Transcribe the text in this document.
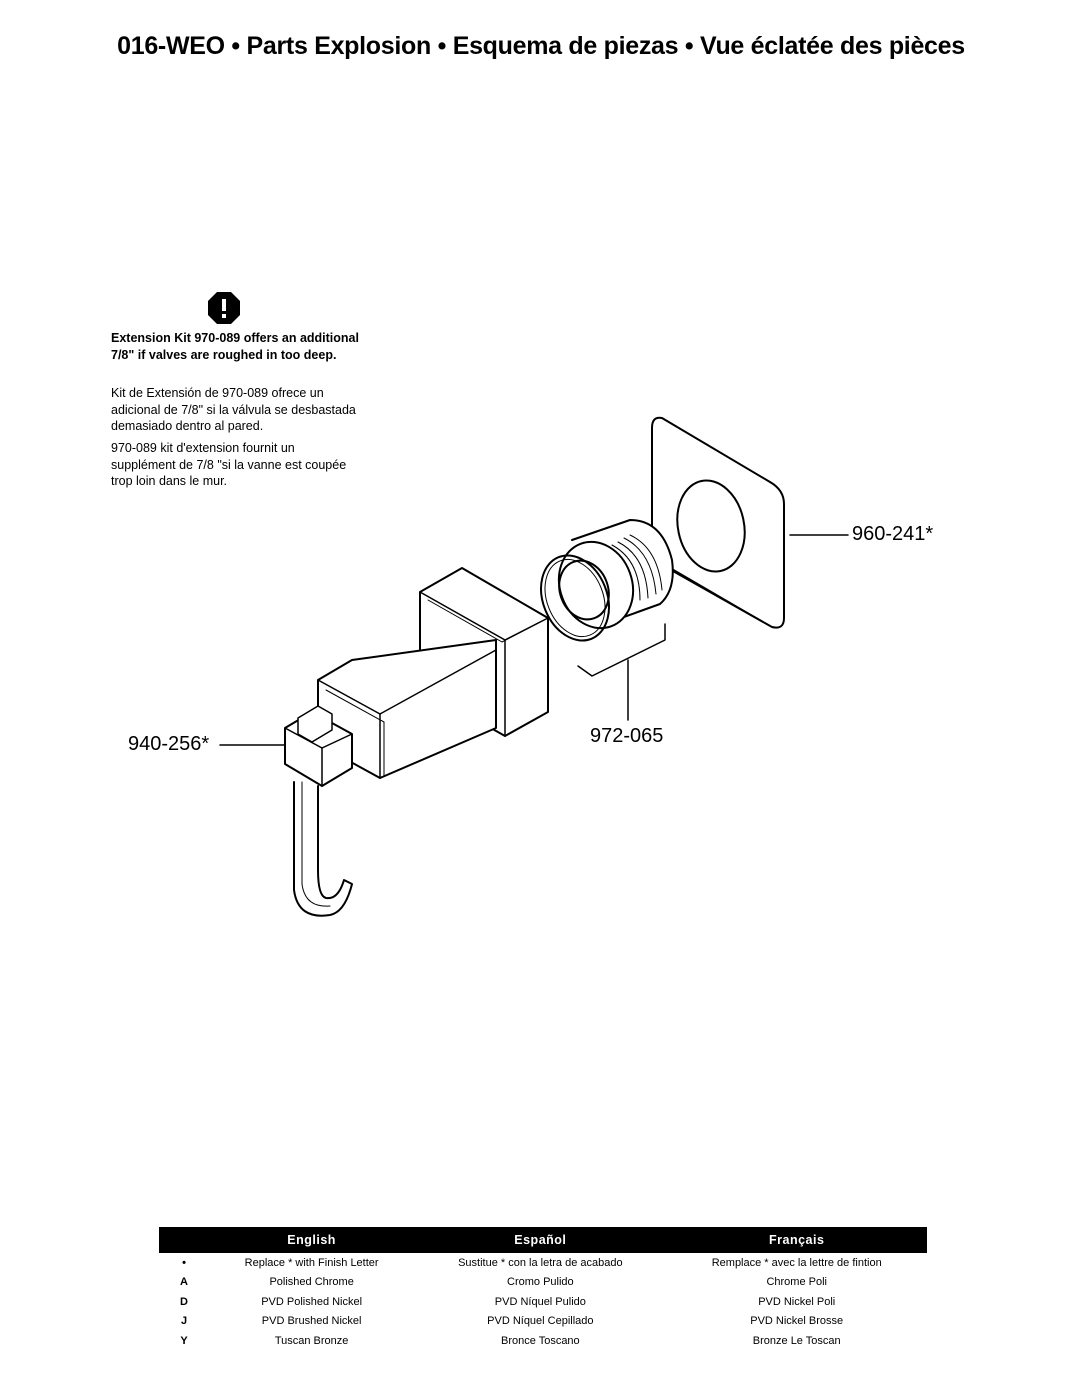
016-WEO • Parts Explosion • Esquema de piezas • Vue éclatée des pièces
Extension Kit 970-089 offers an additional 7/8" if valves are roughed in too deep.
Kit de Extensión de 970-089 ofrece un adicional de 7/8" si la válvula se desbastada demasiado dentro al pared.
970-089 kit d'extension fournit un supplément de 7/8 "si la vanne est coupée trop loin dans le mur.
960-241*
972-065
940-256*
	English	Español	Français
•	Replace * with Finish Letter	Sustitue * con la letra de acabado	Remplace * avec la lettre de fintion
A	Polished Chrome	Cromo Pulido	Chrome Poli
D	PVD Polished Nickel	PVD Níquel Pulido	PVD Nickel Poli
J	PVD Brushed Nickel	PVD Níquel Cepillado	PVD Nickel Brosse
Y	Tuscan Bronze	Bronce Toscano	Bronze Le Toscan
